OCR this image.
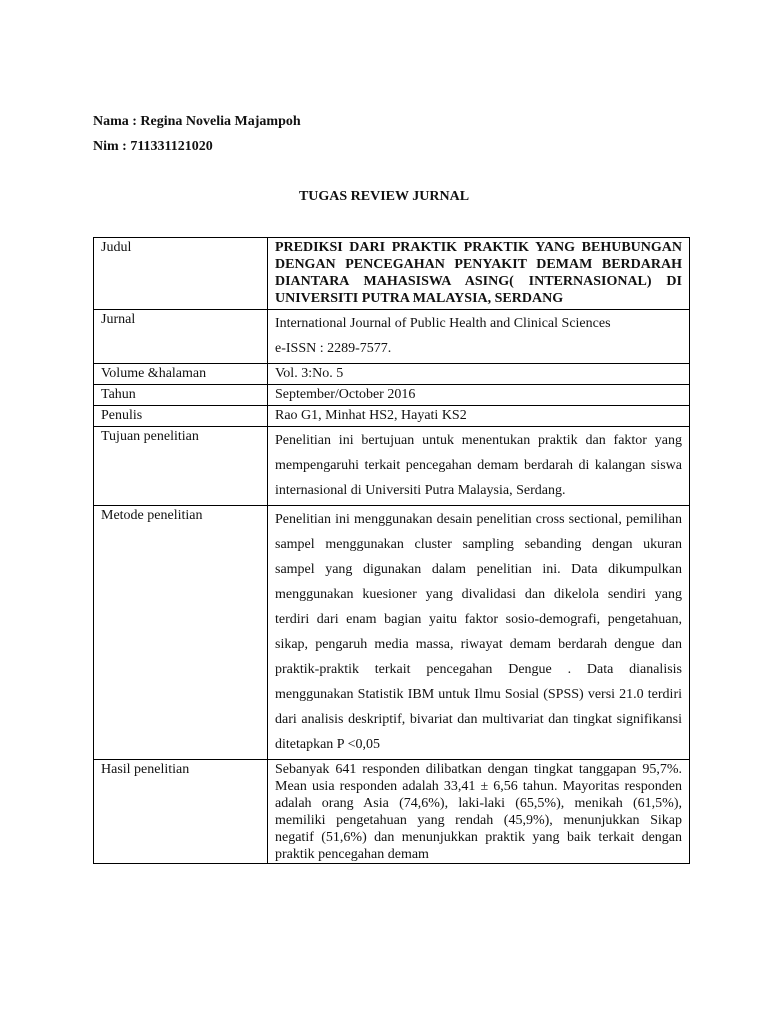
Nama : Regina Novelia Majampoh
Nim : 711331121020
TUGAS REVIEW JURNAL
Judul	PREDIKSI DARI PRAKTIK PRAKTIK YANG BEHUBUNGAN DENGAN PENCEGAHAN PENYAKIT DEMAM BERDARAH DIANTARA MAHASISWA ASING( INTERNASIONAL) DI UNIVERSITI PUTRA MALAYSIA, SERDANG
Jurnal	International Journal of Public Health and Clinical Sciences
e-ISSN : 2289-7577.

Volume &halaman	Vol. 3:No. 5
Tahun	September/October 2016
Penulis	Rao G1, Minhat HS2, Hayati KS2
Tujuan penelitian	Penelitian ini bertujuan untuk menentukan praktik dan faktor yang mempengaruhi terkait pencegahan demam berdarah di kalangan siswa internasional di Universiti Putra Malaysia, Serdang.
Metode penelitian	Penelitian ini menggunakan desain penelitian cross sectional, pemilihan sampel menggunakan cluster sampling sebanding dengan ukuran sampel yang digunakan dalam penelitian ini. Data dikumpulkan menggunakan kuesioner yang divalidasi dan dikelola sendiri yang terdiri dari enam bagian yaitu faktor sosio-demografi, pengetahuan, sikap, pengaruh media massa, riwayat demam berdarah dengue dan praktik-praktik terkait pencegahan Dengue . Data dianalisis menggunakan Statistik IBM untuk Ilmu Sosial (SPSS) versi 21.0 terdiri dari analisis deskriptif, bivariat dan multivariat dan tingkat signifikansi ditetapkan P <0,05
Hasil penelitian	Sebanyak 641 responden dilibatkan dengan tingkat tanggapan 95,7%. Mean usia responden adalah 33,41 ± 6,56 tahun. Mayoritas responden adalah orang Asia (74,6%), laki-laki (65,5%), menikah (61,5%), memiliki pengetahuan yang rendah (45,9%), menunjukkan Sikap negatif (51,6%) dan menunjukkan praktik yang baik terkait dengan praktik pencegahan demam
